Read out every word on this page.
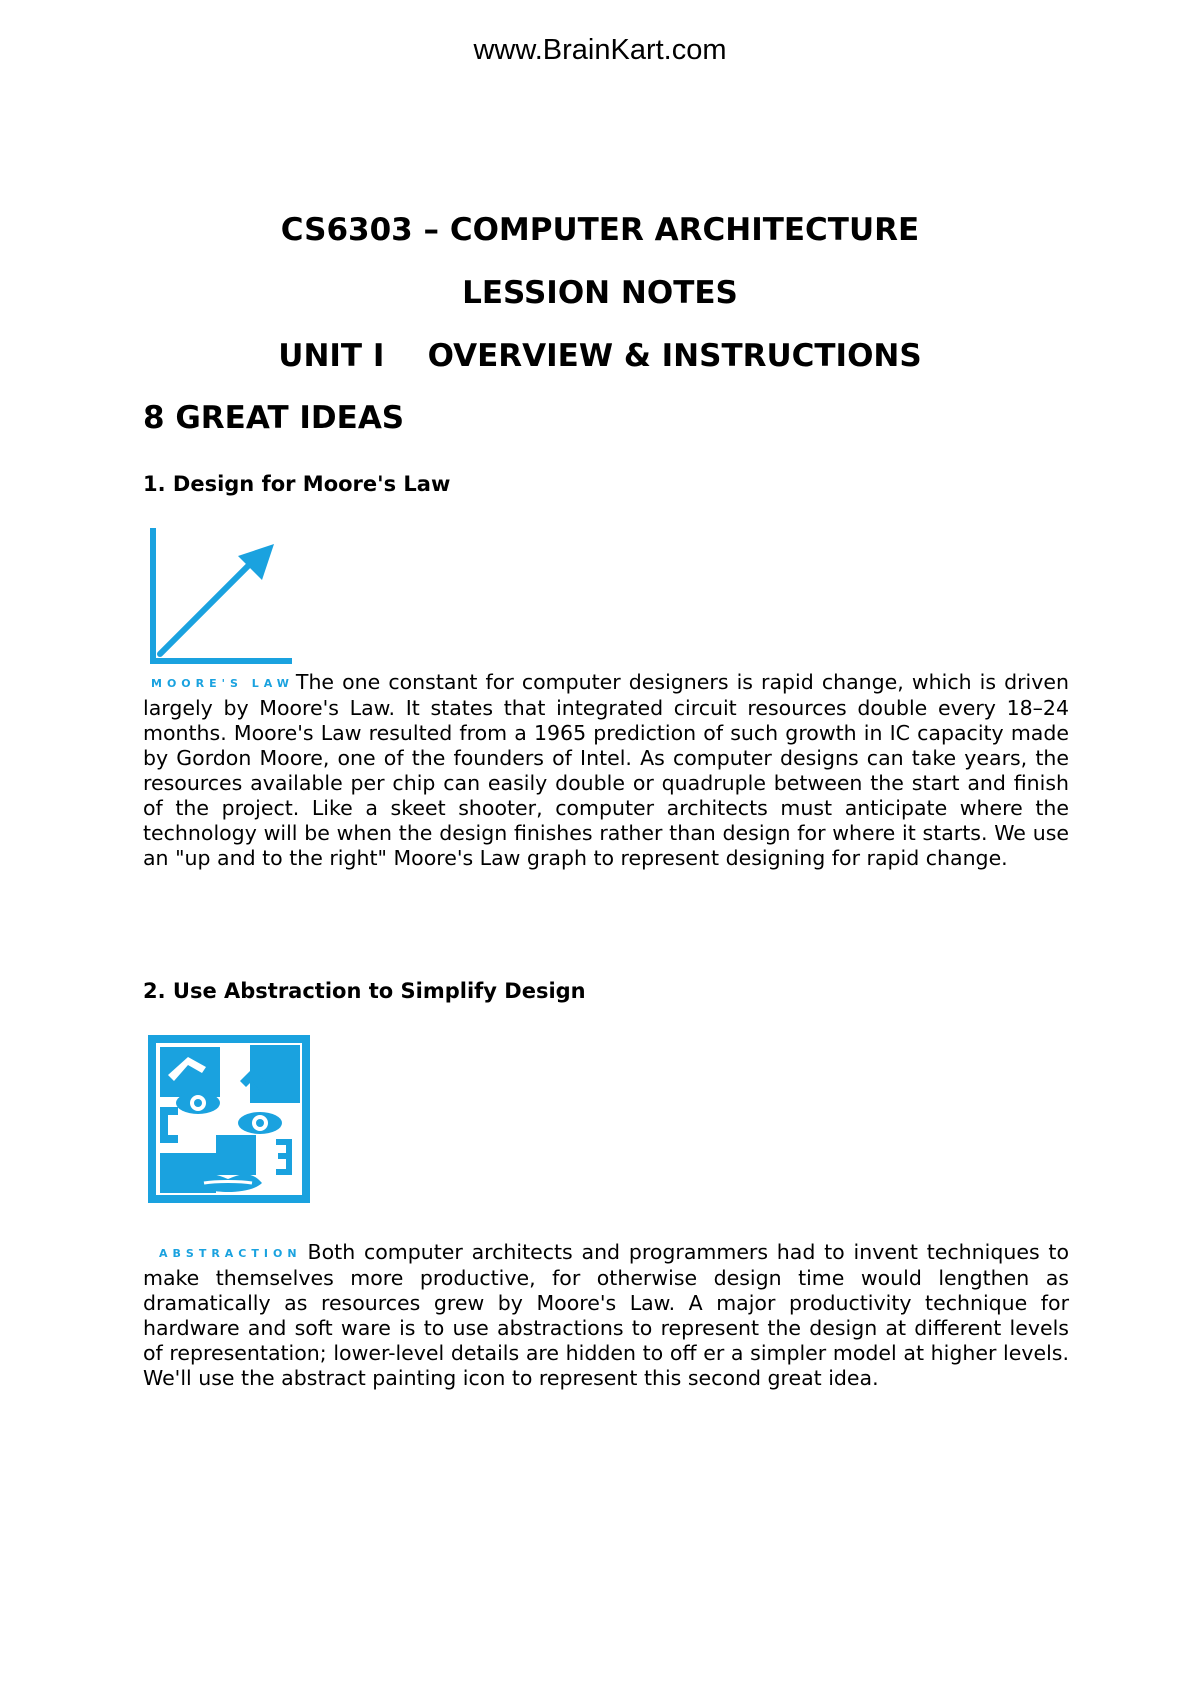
www.BrainKart.com
CS6303 – COMPUTER ARCHITECTURE
LESSION NOTES
UNIT I    OVERVIEW & INSTRUCTIONS
8 GREAT IDEAS
1. Design for Moore's Law

MOORE'S LAWThe one constant for computer designers is rapid change, which is driven largely by Moore's Law. It states that integrated circuit resources double every 18–24 months. Moore's Law resulted from a 1965 prediction of such growth in IC capacity made by Gordon Moore, one of the founders of Intel. As computer designs can take years, the resources available per chip can easily double or quadruple between the start and finish of the project. Like a skeet shooter, computer architects must anticipate where the technology will be when the design finishes rather than design for where it starts. We use an "up and to the right" Moore's Law graph to represent designing for rapid change.

2. Use Abstraction to Simplify Design

ABSTRACTION Both computer architects and programmers had to invent techniques to make themselves more productive, for otherwise design time would lengthen as dramatically as resources grew by Moore's Law. A major productivity technique for hardware and soft ware is to use abstractions to represent the design at different levels of representation; lower-level details are hidden to off er a simpler model at higher levels. We'll use the abstract painting icon to represent this second great idea.
